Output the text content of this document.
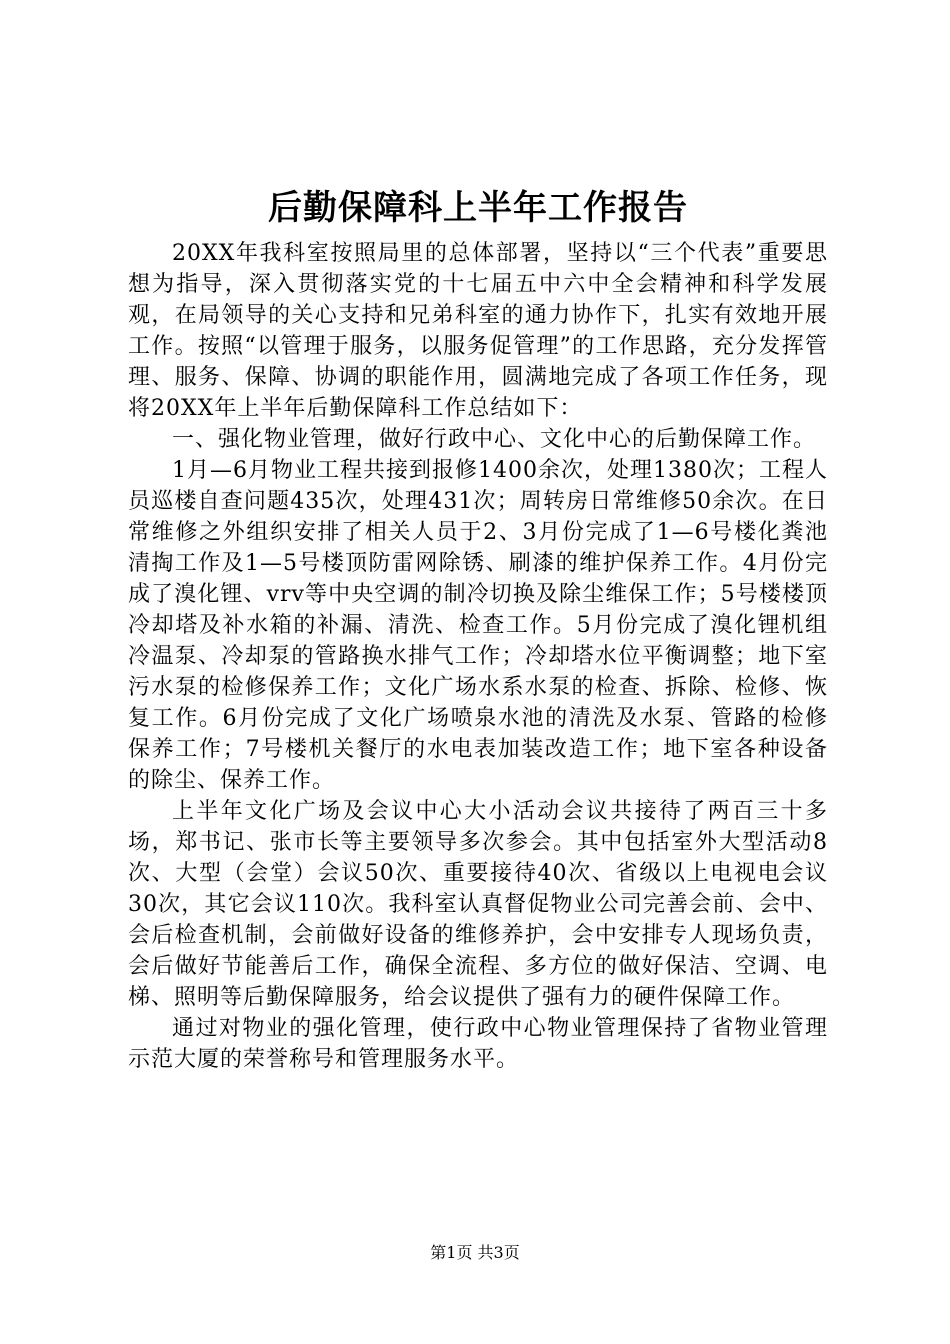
后勤保障科上半年工作报告

20XX年我科室按照局里的总体部署，坚持以“三个代表”重要思想为指导，深入贯彻落实党的十七届五中六中全会精神和科学发展观，在局领导的关心支持和兄弟科室的通力协作下，扎实有效地开展工作。按照“以管理于服务，以服务促管理”的工作思路，充分发挥管理、服务、保障、协调的职能作用，圆满地完成了各项工作任务，现将20XX年上半年后勤保障科工作总结如下：

一、强化物业管理，做好行政中心、文化中心的后勤保障工作。

1月—6月物业工程共接到报修1400余次，处理1380次；工程人员巡楼自查问题435次，处理431次；周转房日常维修50余次。在日常维修之外组织安排了相关人员于2、3月份完成了1—6号楼化粪池清掏工作及1—5号楼顶防雷网除锈、刷漆的维护保养工作。4月份完成了溴化锂、vrv等中央空调的制冷切换及除尘维保工作；5号楼楼顶冷却塔及补水箱的补漏、清洗、检查工作。5月份完成了溴化锂机组冷温泵、冷却泵的管路换水排气工作；冷却塔水位平衡调整；地下室污水泵的检修保养工作；文化广场水系水泵的检查、拆除、检修、恢复工作。6月份完成了文化广场喷泉水池的清洗及水泵、管路的检修保养工作；7号楼机关餐厅的水电表加装改造工作；地下室各种设备的除尘、保养工作。

上半年文化广场及会议中心大小活动会议共接待了两百三十多场，郑书记、张市长等主要领导多次参会。其中包括室外大型活动8次、大型（会堂）会议50次、重要接待40次、省级以上电视电会议30次，其它会议110次。我科室认真督促物业公司完善会前、会中、会后检查机制，会前做好设备的维修养护，会中安排专人现场负责，会后做好节能善后工作，确保全流程、多方位的做好保洁、空调、电梯、照明等后勤保障服务，给会议提供了强有力的硬件保障工作。

通过对物业的强化管理，使行政中心物业管理保持了省物业管理示范大厦的荣誉称号和管理服务水平。

第1页 共3页
